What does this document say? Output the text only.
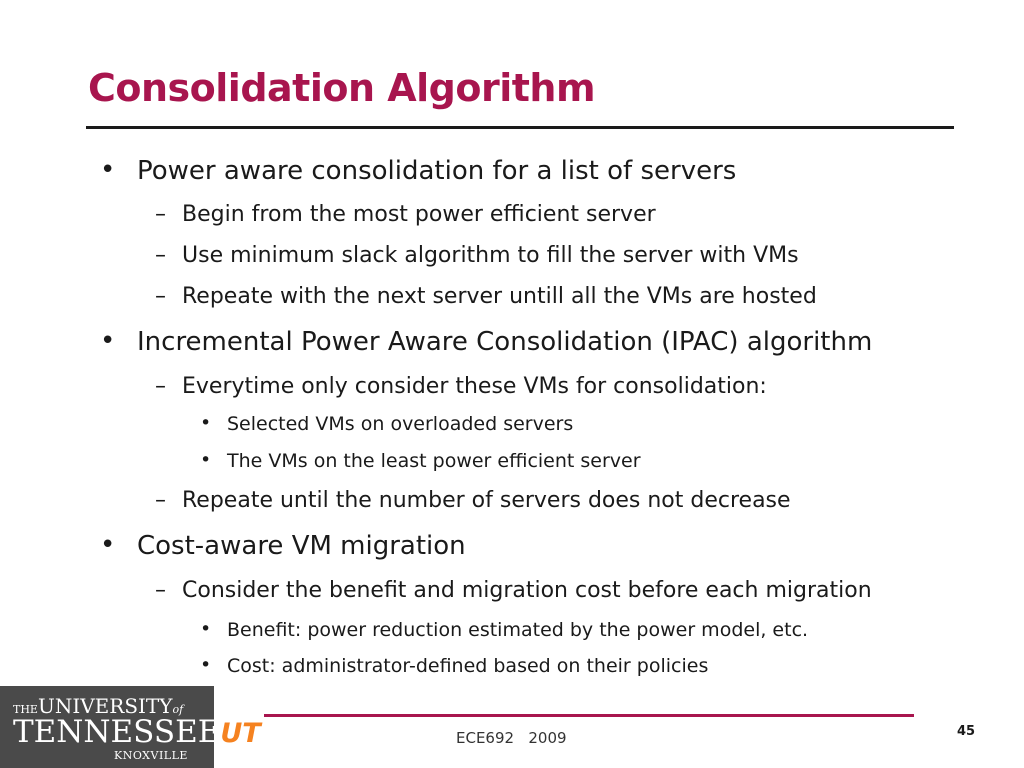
Consolidation Algorithm
• Power aware consolidation for a list of servers
– Begin from the most power efficient server
– Use minimum slack algorithm to fill the server with VMs
– Repeate with the next server untill all the VMs are hosted
• Incremental Power Aware Consolidation (IPAC) algorithm
– Everytime only consider these VMs for consolidation:
• Selected VMs on overloaded servers
• The VMs on the least power efficient server
– Repeate until the number of servers does not decrease
• Cost-aware VM migration
– Consider the benefit and migration cost before each migration
• Benefit: power reduction estimated by the power model, etc.
• Cost: administrator-defined based on their policies
THEUNIVERSITYof
TENNESSEEUT
KNOXVILLE
ECE692   2009	45
